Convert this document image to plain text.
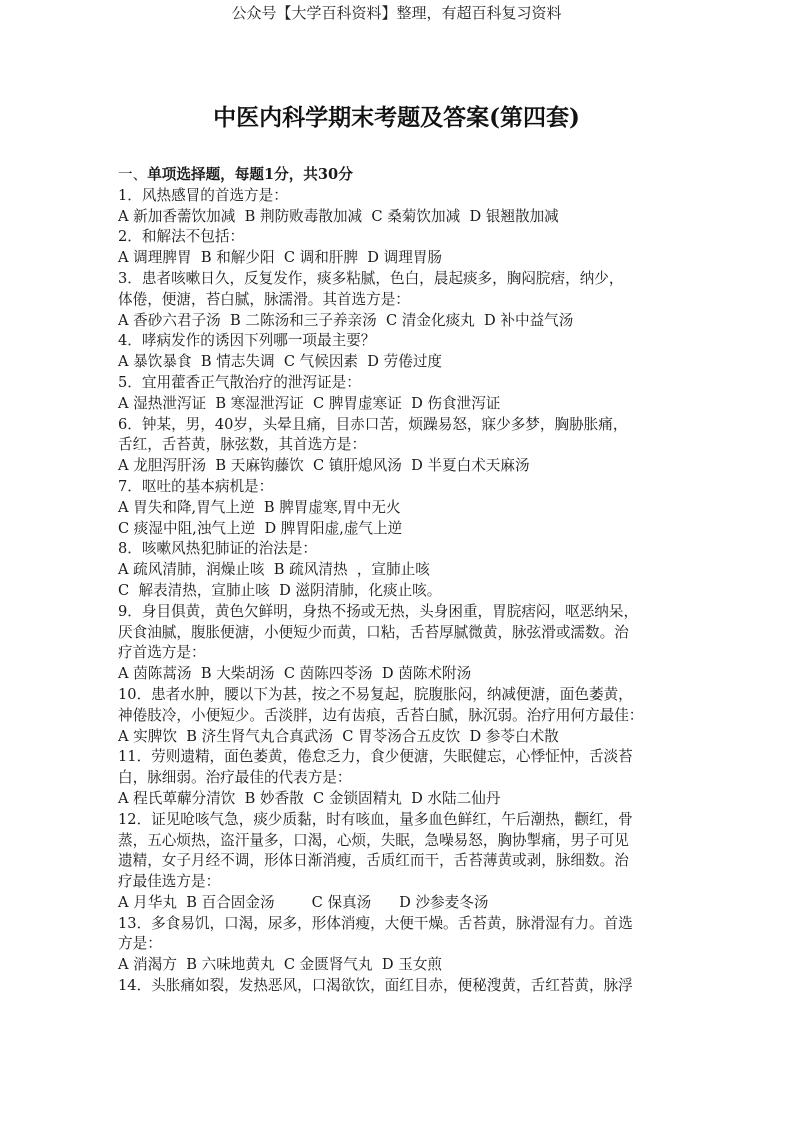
公众号【大学百科资料】整理，有超百科复习资料
中医内科学期末考题及答案(第四套)
一、单项选择题，每题1分，共30分
1．风热感冒的首选方是：
A 新加香薷饮加减  B 荆防败毒散加减  C 桑菊饮加减  D 银翘散加减
2．和解法不包括：
A 调理脾胃  B 和解少阳  C 调和肝脾  D 调理胃肠
3．患者咳嗽日久，反复发作，痰多粘腻，色白，晨起痰多，胸闷脘痞，纳少，
体倦，便溏，苔白腻，脉濡滑。其首选方是：
A 香砂六君子汤  B 二陈汤和三子养亲汤  C 清金化痰丸  D 补中益气汤
4．哮病发作的诱因下列哪一项最主要？
A 暴饮暴食  B 情志失调  C 气候因素  D 劳倦过度
5．宜用藿香正气散治疗的泄泻证是：
A 湿热泄泻证  B 寒湿泄泻证  C 脾胃虚寒证  D 伤食泄泻证
6．钟某，男，40岁，头晕且痛，目赤口苦，烦躁易怒，寐少多梦，胸胁胀痛，
舌红，舌苔黄，脉弦数，其首选方是：
A 龙胆泻肝汤  B 天麻钩藤饮  C 镇肝熄风汤  D 半夏白术天麻汤
7．呕吐的基本病机是：
A 胃失和降,胃气上逆  B 脾胃虚寒,胃中无火
C 痰湿中阻,浊气上逆  D 脾胃阳虚,虚气上逆
8．咳嗽风热犯肺证的治法是：
A 疏风清肺，润燥止咳  B 疏风清热  ，宣肺止咳
C  解表清热，宣肺止咳  D 滋阴清肺，化痰止咳。
9．身目俱黄，黄色欠鲜明，身热不扬或无热，头身困重，胃脘痞闷，呕恶纳呆，
厌食油腻，腹胀便溏，小便短少而黄，口粘，舌苔厚腻微黄，脉弦滑或濡数。治
疗首选方是：
A 茵陈蒿汤  B 大柴胡汤  C 茵陈四苓汤  D 茵陈术附汤
10．患者水肿，腰以下为甚，按之不易复起，脘腹胀闷，纳减便溏，面色萎黄，
神倦肢冷，小便短少。舌淡胖，边有齿痕，舌苔白腻，脉沉弱。治疗用何方最佳：
A 实脾饮  B 济生肾气丸合真武汤  C 胃苓汤合五皮饮  D 参苓白术散
11．劳则遗精，面色萎黄，倦怠乏力，食少便溏，失眠健忘，心悸怔忡，舌淡苔
白，脉细弱。治疗最佳的代表方是：
A 程氏萆薢分清饮  B 妙香散  C 金锁固精丸  D 水陆二仙丹
12．证见呛咳气急，痰少质黏，时有咳血，量多血色鲜红，午后潮热，颧红，骨
蒸，五心烦热，盗汗量多，口渴，心烦，失眠，急噪易怒，胸协掣痛，男子可见
遗精，女子月经不调，形体日渐消瘦，舌质红而干，舌苔薄黄或剥，脉细数。治
疗最佳选方是：
A 月华丸  B 百合固金汤        C 保真汤      D 沙参麦冬汤
13．多食易饥，口渴，尿多，形体消瘦，大便干燥。舌苔黄，脉滑湿有力。首选
方是：
A 消渴方  B 六味地黄丸  C 金匮肾气丸  D 玉女煎
14．头胀痛如裂，发热恶风，口渴欲饮，面红目赤，便秘溲黄，舌红苔黄，脉浮
